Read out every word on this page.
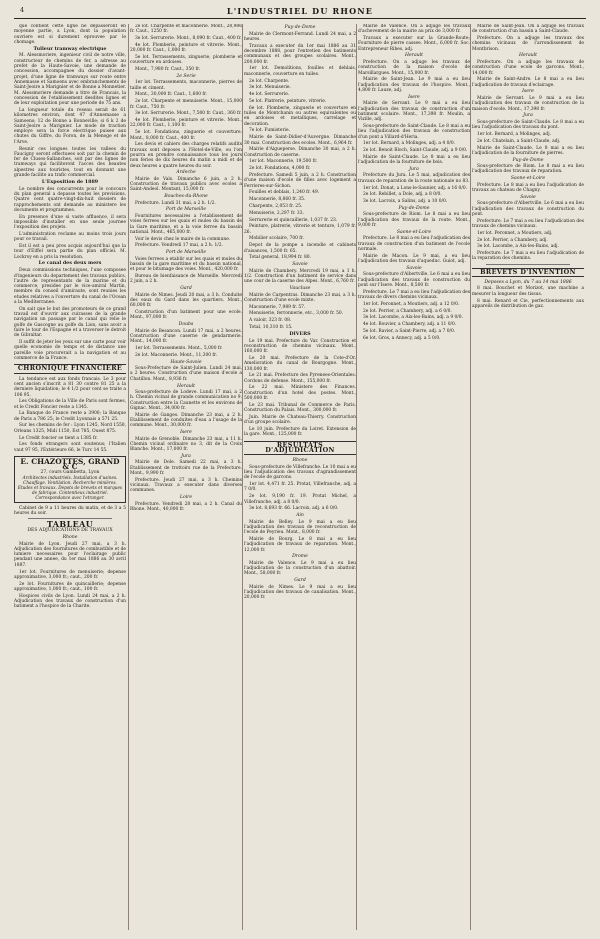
4	L'INDUSTRIEL DU RHONE

que contient cette ligne ne depasseront en moyenne partie, a Lyon, dont la population ouvriere est si durement eprouvee par le chomage.

Tulleur tramway electrique

M. Alessmoriere, ingenieur civil de notre ville, constructeur de chemins de fer, a adresse au prefet de la Haute-Savoie, une demande de concession, accompagnee du dossier d'avant-projet, d'une ligne de tramways sur route entre Annemasse et Samoens avec embranchements de Saint-Jeoire a Marignier et de Bonne a Monnetier. M. Alessmoriere demande a titre de Francais, la concession de l'etablissement desdites lignes et de leur exploitation pour une periode de 75 ans.

La longueur totale du reseau serait de 61 kilometres environ, dont 47 d'Annemasse a Samoens; 12 de Bonne a Bonneville; si 6 k 2 de Saint-Jeoire a Marignier. Le mode de traction employe sera la force electrique puisee aux chutes du Giffre, du Foron, de la Menoge et de l'Arve.

Reunir ces longues toutes les vallees du Faucigny seront effectuees soit par la chemin de fer de Cluses-Sallanches, soit par des lignes de tramways qui faciliteront l'acces des beautes alpestres aux touristes, tout en donnant une grande facilite au trafic commercial.

L'Exposition de 1889

Le nombre des concurrents pour le concours du plan general a depasse toutes les previsions. Quatre cent quatre-vingt-dix-huit dossiers de rapprochements ont demande au ministere les documents et programmes.

En presence d'une si vaste affluence, il sera impossible d'installer en une seule journee l'exposition des projets.

L'administration reclame au moins trois jours pour ce travail.

Est il est a peu pres acquis aujourd'hui que la tour d'Eiffel sera partie du plan officiel. M. Lockroy en a pris la resolution.

Le canal des deux mers

Deux commissions techniques, l'une composee d'ingenieurs du departement des travaux publics, l'autre de representants de la marine et du commerce, presidee par le vice-amiral Martin, membre du conseil d'amiraute, sont reunies les etudes relatives a l'ouverture du canal de l'Ocean a la Mediterranee.

On sait que le but des promoteurs de ce grand travail est d'ouvrir aux cuirasses de la grande navigation un passage par le canal qui relie le golfe de Gascogne au golfe du Lion, sans avoir a faire le tour de l'Espagne et a traverser le detroit de Gibraltar.

Il suffit de jeter les yeux sur une carte pour voir quelle economie de temps et de distance une pareille voie procurerait a la navigation et au commerce de la France.

CHRONIQUE FINANCIERE

La tendance est aux fonds francais. Le 3 pour cent ancien s'inscrit a 81 30 contre 81 25 a la derniere liquidation; le 4 1/2 pour cent se traite a 106 95.

Les Obligations de la Ville de Paris sont fermes, et le Credit Foncier reste a 1345.

La Banque de France reste a 3900; la Banque de Paris a 786 25; le Credit Lyonnais a 571 25.

Sur les chemins de fer : Lyon 1245, Nord 1550, Orleans 1325, Midi 1150, Est 785, Ouest 875.

Le Credit foncier se tient a 1385 fr.

Les fonds etrangers sont soutenus; l'Italien vaut 97 95, l'Extérieure 66, le Turc 14 55.

E. CHAZOTTES, GRAND & C
27, cours Gambetta, Lyon
Architectes industriels. Installation d'usines. Chauffage. Ventilation. Recherche minières. Etudes et travaux. Depots de brevets et marques de fabrique. Contentieux industriel. Correspondance avec l'etranger.

Cabinet de 9 a 11 heures du matin, et de 3 a 5 heures du soir.

TABLEAU
DES ADJUDICATIONS DE TRAVAUX
Rhone

Mairie de Lyon. Jeudi 27 mai, a 3 h. Adjudication des fournitures de combustible et de lumiere necessaires pour l'eclairage public pendant une annee, du 1er mai 1886 au 30 avril 1887.

1er lot. Fournitures de menuiserie; depense approximative, 3,000 fr.; caut., 200 fr.

2e lot. Fournitures de quincaillerie; depense approximative, 1,000 fr.; caut., 100 fr.

Hospices civils de Lyon. Lundi 24 mai, a 2 h. Adjudication des travaux de construction d'un batiment a l'hospice de la Charite.

2e lot. Charpente et maconnerie. Mont., 28,986 fr. Caut., 1250 fr.

3e lot. Serrurerie. Mont., 8,090 fr. Caut., 400 fr.

4e lot. Plomberie, peinture et vitrerie. Mont., 20,000 fr. Caut., 1,000 fr.

5e lot. Terrassements, zinguerie, plomberie et couverture en ardoises.

Mont., 7,980 fr. Caut., 350 fr.

2e Serie

1er lot. Terrassements, maconnerie, pierres de taille et ciment.

Mont., 30,000 fr. Caut., 1,600 fr.

2e lot. Charpente et menuiserie. Mont., 15,000 fr. Caut., 750 fr.

3e lot. Serrurerie. Mont., 7,500 fr. Caut., 360 fr.

4e lot. Plomberie, peinture et vitrerie. Mont., 22,000 fr. Caut., 1,100 fr.

5e lot. Fondations, zinguerie et couverture. Mont., 8,000 fr. Caut., 400 fr.

Les devis et cahiers des charges relatifs audits travaux sont deposes a l'Hotel-de-Ville, ou l'on pourra en prendre connaissance tous les jours non feries de dix heures du matin a midi et de deux heures a quatre heures du soir.

Ardeche

Mairie de Vals. Dimanche 6 juin, a 2 h. Construction de travaux publics avec ecoles a Saint-Andeol. Montant, 15,000 fr.

Bouches-du-Rhone

Prefecture. Lundi 31 mai, a 2 h. 1/2.

Port de Marseille

Fournitures necessaires a l'etablissement de voies ferrees sur les quais et mules du bassin de la Gare maritime, et a la voie ferree du bassin national. Mont., 465,000 fr.

Voir le devis chez le maire de la commune.

Prefecture. Vendredi 17 mai, a 2 h. 1/2.

Port de Marseille

Voies ferrees a etablir sur les quais et mules du bassin de la gare maritime et du bassin national, et pour le bitumage des voies. Mont., 420,000 fr.

Bureau de bienfaisance de Marseille. Mercredi 2 juin, a 2 h.

Gard

Mairie de Nimes. Jeudi 20 mai, a 3 h. Conduite des eaux du Gard dans les quartiers. Mont., 60,000 fr.

Construction d'un batiment pour une ecole. Mont., 97,000 fr.

Doubs

Mairie de Besancon. Lundi 17 mai, a 2 heures. Construction d'une caserne de gendarmerie. Mont., 14,000 fr.

1er lot. Terrassements. Mont., 5,000 fr.

2e lot. Maconnerie. Mont., 11,300 fr.

Haute-Savoie

Sous-Prefecture de Saint-Julien. Lundi 24 mai, a 2 heures. Construction d'une maison d'ecole a Chatillon. Mont., 8,936 fr.

Herault

Sous-prefecture de Lodeve. Lundi 17 mai, a 2 h. Chemin vicinal de grande communication no 9. Construction entre la Caunette et les environs de Gignac. Mont., 34,000 fr.

Mairie de Ganges. Dimanche 23 mai, a 2 h. Etablissement de conduites d'eau a l'usage de la commune. Mont., 30,000 fr.

Isere

Mairie de Grenoble. Dimanche 23 mai, a 11 h. Chemin vicinal ordinaire no 3, dit de la Croix Blanche. Mont., 17,000 fr.

Jura

Mairie de Dole. Samedi 22 mai, a 3 h. Etablissement de trottoirs rue de la Prefecture. Mont., 9,990 fr.

Prefecture. Jeudi 27 mai, a 3 h. Chemins vicinaux. Travaux a executer dans diverses communes.

Loire

Prefecture. Vendredi 28 mai, a 2 h. Canal du Rhone. Mont., 40,000 fr.

Puy-de-Dome

Mairie de Clermont-Ferrand. Lundi 24 mai, a 2 heures.

Travaux a executer du 1er mai 1886 au 31 decembre 1888, pour l'entretien des batiments communaux et des groupes scolaires. Mont., 200,000 fr.

1er lot. Demolitions, fouilles et deblais, maconnerie, couverture en tuiles.

2e lot. Charpente.

3e lot. Menuiserie.

4e lot. Serrurerie.

5e lot. Platrerie, peinture, vitrerie.

6e lot. Plomberie, zinguerie et couverture en tuiles de Montchanin ou autres equivalentes ou en ardoises et metalliques, carrelage et decoration.

7e lot. Fumisterie.

Mairie de Saint-Didier-d'Auvergne. Dimanche 30 mai. Construction des ecoles. Mont., 6,964 fr.

Mairie d'Aigueperse. Dimanche 30 mai, a 2 h. Construction de caserne.

1er lot. Maconnerie, 19,500 fr.

2e lot. Fondations, 4,000 fr.

Prefecture. Samedi 5 juin, a 2 h. Construction d'une maison d'ecole de filles avec logement a Ferrieres-sur-Sichon.

Fouilles et deblais, 1,240 fr. 49.

Maconnerie, 8,860 fr. 35.

Charpente, 2,053 fr. 25.

Menuiserie, 2,297 fr. 33.

Serrurerie et quincaillerie, 1,037 fr. 23.

Peinture, platrerie, vitrerie et tenture, 1,079 fr. 26.

Mobilier scolaire, 700 fr.

Depot de la pompe a incendie et cabinets d'aisances, 1,500 fr. 65.

Total general, 18,994 fr. 80.

Savoie

Mairie de Chambery. Mercredi 19 mai, a 1 h. 1/2. Construction d'un batiment de service dans une cour de la caserne des Alpes. Mont., 6,760 fr.

Vaucluse

Mairie de Carpentras. Dimanche 23 mai, a 3 h. Construction d'une ecole mixte.

Maconnerie, 7,989 fr. 57.

Menuiserie, ferronnerie, etc., 3,000 fr. 50.

A valoir, 323 fr. 08.

Total, 10,310 fr. 15.

DIVERS

Le 19 mai. Prefecture du Var. Construction et reconstruction de chemins vicinaux. Mont., 160,000 fr.

Le 20 mai. Prefecture de la Cote-d'Or. Amelioration du canal de Bourgogne. Mont., 130,000 fr.

Le 21 mai. Prefecture des Pyrenees-Orientales. Cordons de defense. Mont., 155,000 fr.

Le 22 mai. Ministere des Finances. Construction d'un hotel des postes. Mont., 500,000 fr.

Le 23 mai. Tribunal de Commerce de Paris. Construction du Palais. Mont., 300,000 fr.

Juin. Mairie de Chateau-Thierry. Construction d'un groupe scolaire.

Le 10 juin. Prefecture du Loiret. Extension de la gare. Mont., 125,000 fr.

RESULTATS D'ADJUDICATION
Rhone

Sous-prefecture de Villefranche. Le 10 mai a eu lieu l'adjudication des travaux d'agrandissement de l'ecole de garcons.

1er lot. 4,471 fr. 25. Protat, Villefranche, adj. a 7 0/0.

2e lot. 9,190 fr. 19. Protat Michel, a Villefranche, adj. a 8 0/0.

3e lot. 8,693 fr. 66. Lacroix, adj. a 6 0/0.

Ain

Mairie de Belley. Le 9 mai a eu lieu l'adjudication des travaux de reconstruction de l'ecole de Peyrieu. Mont., 8,000 fr.

Mairie de Bourg. Le 8 mai a eu lieu l'adjudication de travaux de reparation. Mont., 12,000 fr.

Drome

Mairie de Valence. Le 9 mai a eu lieu l'adjudication de la construction d'un abattoir. Mont., 58,000 fr.

Gard

Mairie de Nimes. Le 9 mai a eu lieu l'adjudication des travaux de canalisation. Mont., 20,000 fr.

Mairie de Valence. On a adjuge les travaux d'achevement de la mairie au prix de 3,000 fr.

Travaux a executer sur la Grande-Route; Fourniture de pierre cassee. Mont., 6,000 fr. Soc. Entrepreneur Ribes, adj.

Herault

Prefecture. On a adjuge les travaux de construction de la maison d'ecole de Marsillargues. Mont., 15,000 fr.

Mairie de Saint-Jean. Le 9 mai a eu lieu l'adjudication des travaux de l'hospice. Mont., 4,800 fr. Lauze, adj.

Isere

Mairie de Servant. Le 9 mai a eu lieu l'adjudication des travaux de construction d'un batiment scolaire. Mont., 17,398 fr. Moulin, a Vizille, adj.

Sous-prefecture de Saint-Claude. Le 8 mai a eu lieu l'adjudication des travaux de construction d'un pont a Villard-d'Heria.

1er lot. Bernard, a Molinges, adj. a 4 0/0.

2e lot. Benoit Bloch, Saint-Claude, adj. a 9 0/0.

Mairie de Saint-Claude. Le 8 mai a eu lieu l'adjudication de la fourniture de bois.

Jura

Prefecture du Jura. Le 5 mai, adjudication des travaux de reparation de la route nationale no 83.

1er lot. Donat, a Lons-le-Saunier, adj. a 16 0/0.

2e lot. Rebillet, a Dole, adj. a 8 0/0.

3e lot. Lacroix, a Salins, adj. a 10 0/0.

Puy-de-Dome

Sous-prefecture de Riom. Le 8 mai a eu lieu l'adjudication des travaux de la route. Mont., 9,000 fr.

Saone-et-Loire

Prefecture. Le 8 mai a eu lieu l'adjudication des travaux de construction d'un batiment de l'ecole normale.

Mairie de Macon. Le 9 mai, a eu lieu l'adjudication des travaux d'aqueduc. Guiot, adj.

Savoie

Sous-prefecture d'Albertville. Le 6 mai a eu lieu l'adjudication des travaux de construction du pont sur l'Isere. Mont., 8,500 fr.

Prefecture. Le 7 mai a eu lieu l'adjudication des travaux de divers chemins vicinaux.

1er lot. Peronnet, a Moutiers, adj. a 12 0/0.

2e lot. Perrier, a Chambery, adj. a 6 0/0.

3e lot. Lacombe, a Aix-les-Bains, adj. a 9 0/0.

4e lot. Bouvier, a Chambery, adj. a 11 0/0.

5e lot. Ravier, a Saint-Pierre, adj. a 7 0/0.

6e lot. Gros, a Annecy, adj. a 5 0/0.

Mairie de Saint-Jean. On a adjuge les travaux de construction d'un bassin a Saint-Claude.

Prefecture. On a adjuge les travaux des chemins vicinaux de l'arrondissement de Montbrison.

Herault

Prefecture. On a adjuge les travaux de construction d'une ecole de garcons. Mont., 14,000 fr.

Mairie de Saint-Andre. Le 8 mai a eu lieu l'adjudication de travaux d'eclairage.

Isere

Mairie de Servant. Le 9 mai a eu lieu l'adjudication des travaux de construction de la maison d'ecole. Mont., 17,398 fr.

Jura

Sous-prefecture de Saint-Claude. Le 8 mai a eu lieu l'adjudication des travaux du pont.

1er lot. Bernard, a Molinges, adj.

2e lot. Chatelain, a Saint-Claude, adj.

Mairie de Saint-Claude. Le 8 mai a eu lieu l'adjudication de la fourniture de pierres.

Puy-de-Dome

Sous-prefecture de Riom. Le 8 mai a eu lieu l'adjudication des travaux de reparation.

Saone-et-Loire

Prefecture. Le 8 mai a eu lieu l'adjudication de travaux au chateau de Chagny.

Savoie

Sous-prefecture d'Albertville. Le 6 mai a eu lieu l'adjudication des travaux de construction du pont.

Prefecture. Le 7 mai a eu lieu l'adjudication des travaux de chemins vicinaux.

1er lot. Peronnet, a Moutiers, adj.

2e lot. Perrier, a Chambery, adj.

3e lot. Lacombe, a Aix-les-Bains, adj.

Prefecture. Le 7 mai a eu lieu l'adjudication de la reparation des chemins.

BREVETS D'INVENTION
Deposes a Lyon, du 7 au 14 mai 1886

8 mai. Bouchet et Morizot, une machine a mesurer la longueur des tissus.

8 mai. Renard et Cie, perfectionnements aux appareils de distribution de gaz.
